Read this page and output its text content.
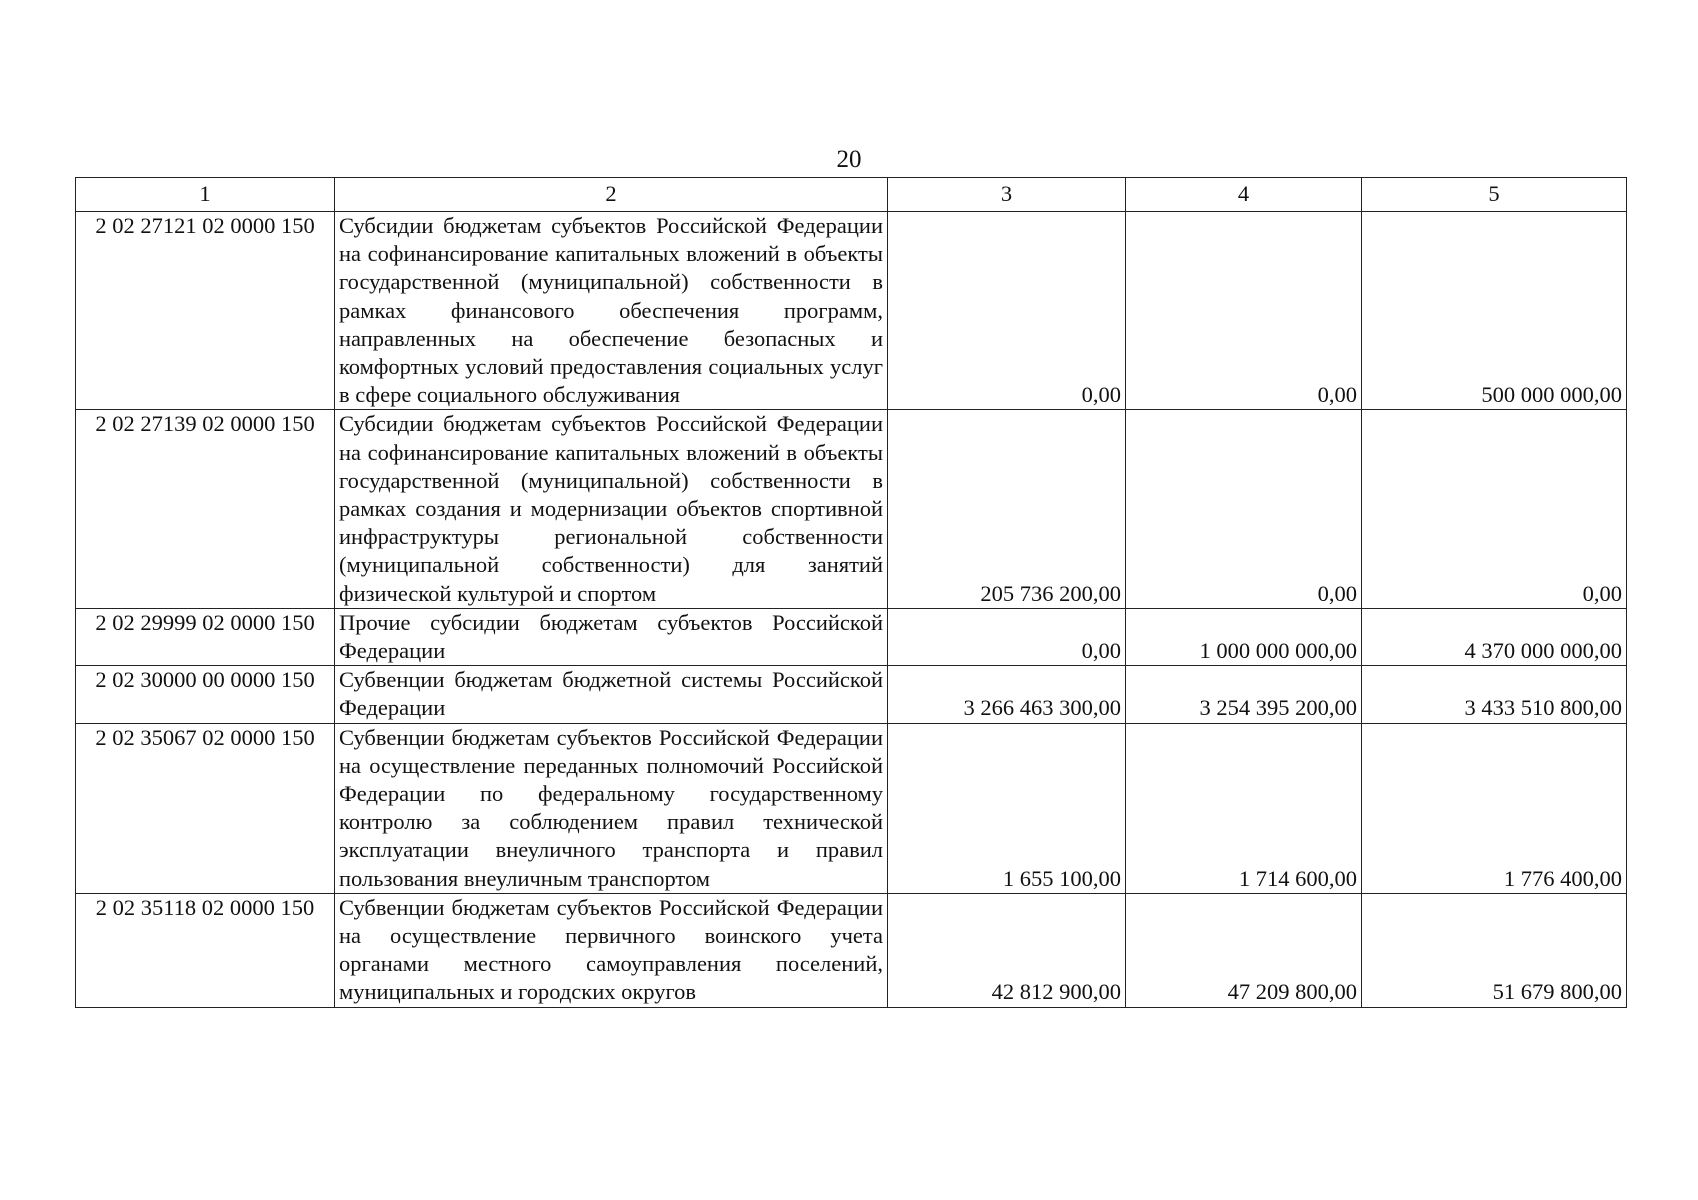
20
1	2	3	4	5
2 02 27121 02 0000 150	Субсидии бюджетам субъектов Российской Федерации на софинансирование капитальных вложений в объекты государственной (муниципальной) собственности в рамках финансового обеспечения программ, направленных на обеспечение безопасных и комфортных условий предоставления социальных услуг в сфере социального обслуживания	0,00	0,00	500 000 000,00
2 02 27139 02 0000 150	Субсидии бюджетам субъектов Российской Федерации на софинансирование капитальных вложений в объекты государственной (муниципальной) собственности в рамках создания и модернизации объектов спортивной инфраструктуры региональной собственности (муниципальной собственности) для занятий физической культурой и спортом	205 736 200,00	0,00	0,00
2 02 29999 02 0000 150	Прочие субсидии бюджетам субъектов Российской Федерации	0,00	1 000 000 000,00	4 370 000 000,00
2 02 30000 00 0000 150	Субвенции бюджетам бюджетной системы Российской Федерации	3 266 463 300,00	3 254 395 200,00	3 433 510 800,00
2 02 35067 02 0000 150	Субвенции бюджетам субъектов Российской Федерации на осуществление переданных полномочий Российской Федерации по федеральному государственному контролю за соблюдением правил технической эксплуатации внеуличного транспорта и правил пользования внеуличным транспортом	1 655 100,00	1 714 600,00	1 776 400,00
2 02 35118 02 0000 150	Субвенции бюджетам субъектов Российской Федерации на осуществление первичного воинского учета органами местного самоуправления поселений, муниципальных и городских округов	42 812 900,00	47 209 800,00	51 679 800,00
